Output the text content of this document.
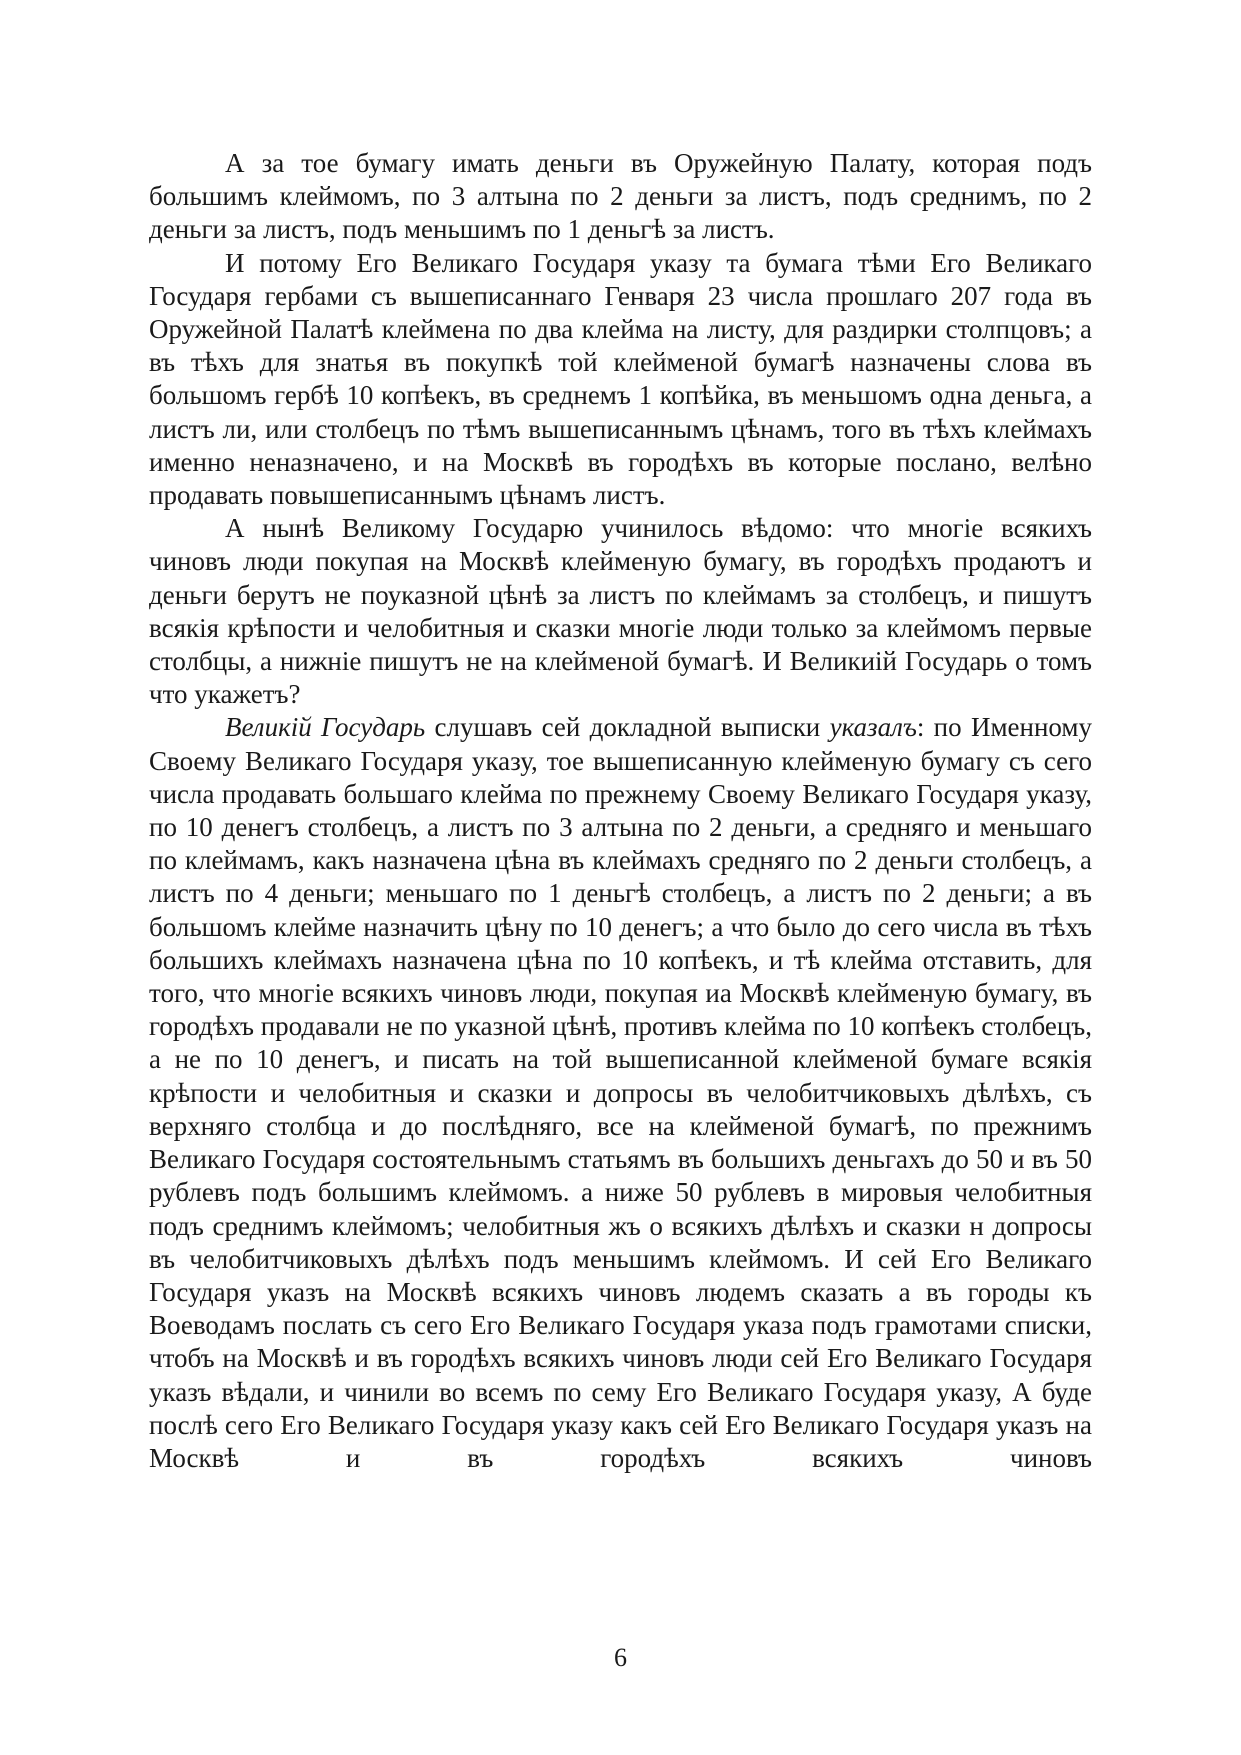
А за тое бумагу имать деньги въ Оружейную Палату, которая подъ большимъ клеймомъ, по 3 алтына по 2 деньги за листъ, подъ среднимъ, по 2 деньги за листъ, подъ меньшимъ по 1 деньгѣ за листъ.

И потому Его Великаго Государя указу та бумага тѣми Его Великаго Государя гербами съ вышеписаннаго Генваря 23 числа прошлаго 207 года въ Оружейной Палатѣ клеймена по два клейма на листу, для раздирки столпцовъ; а въ тѣхъ для знатья въ покупкѣ той клейменой бумагѣ назначены слова въ большомъ гербѣ 10 копѣекъ, въ среднемъ 1 копѣйка, въ меньшомъ одна деньга, а листъ ли, или столбецъ по тѣмъ вышеписаннымъ цѣнамъ, того въ тѣхъ клеймахъ именно неназначено, и на Москвѣ въ городѣхъ въ которые послано, велѣно продавать повышеписаннымъ цѣнамъ листъ.

А нынѣ Великому Государю учинилось вѣдомо: что многіе всякихъ чиновъ люди покупая на Москвѣ клейменую бумагу, въ городѣхъ продаютъ и деньги берутъ не поуказной цѣнѣ за листъ по клеймамъ за столбецъ, и пишутъ всякія крѣпости и челобитныя и сказки многіе люди только за клеймомъ первые столбцы, а нижніе пишутъ не на клейменой бумагѣ. И Великиій Государь о томъ что укажетъ?

Великій Государь слушавъ сей докладной выписки указалъ: по Именному Своему Великаго Государя указу, тое вышеписанную клейменую бумагу съ сего числа продавать большаго клейма по прежнему Своему Великаго Государя указу, по 10 денегъ столбецъ, а листъ по 3 алтына по 2 деньги, а средняго и меньшаго по клеймамъ, какъ назначена цѣна въ клеймахъ средняго по 2 деньги столбецъ, а листъ по 4 деньги; меньшаго по 1 деньгѣ столбецъ, а листъ по 2 деньги; а въ большомъ клейме назначить цѣну по 10 денегъ; а что было до сего числа въ тѣхъ большихъ клеймахъ назначена цѣна по 10 копѣекъ, и тѣ клейма отставить, для того, что многіе всякихъ чиновъ люди, покупая иа Москвѣ клейменую бумагу, въ городѣхъ продавали не по указной цѣнѣ, противъ клейма по 10 копѣекъ столбецъ, а не по 10 денегъ, и писать на той вышеписанной клейменой бумаге всякія крѣпости и челобитныя и сказки и допросы въ челобитчиковыхъ дѣлѣхъ, съ верхняго столбца и до послѣдняго, все на клейменой бумагѣ, по прежнимъ Великаго Государя состоятельнымъ статьямъ въ большихъ деньгахъ до 50 и въ 50 рублевъ подъ большимъ клеймомъ. а ниже 50 рублевъ в мировыя челобитныя подъ среднимъ клеймомъ; челобитныя жъ о всякихъ дѣлѣхъ и сказки н допросы въ челобитчиковыхъ дѣлѣхъ подъ меньшимъ клеймомъ. И сей Его Великаго Государя указъ на Москвѣ всякихъ чиновъ людемъ сказать а въ городы къ Воеводамъ послать съ сего Его Великаго Государя указа подъ грамотами списки, чтобъ на Москвѣ и въ городѣхъ всякихъ чиновъ люди сей Его Великаго Государя указъ вѣдали, и чинили во всемъ по сему Его Великаго Государя указу, А буде послѣ сего Его Великаго Государя указу какъ сей Его Великаго Государя указъ на Москвѣ и въ городѣхъ всякихъ чиновъ

6
